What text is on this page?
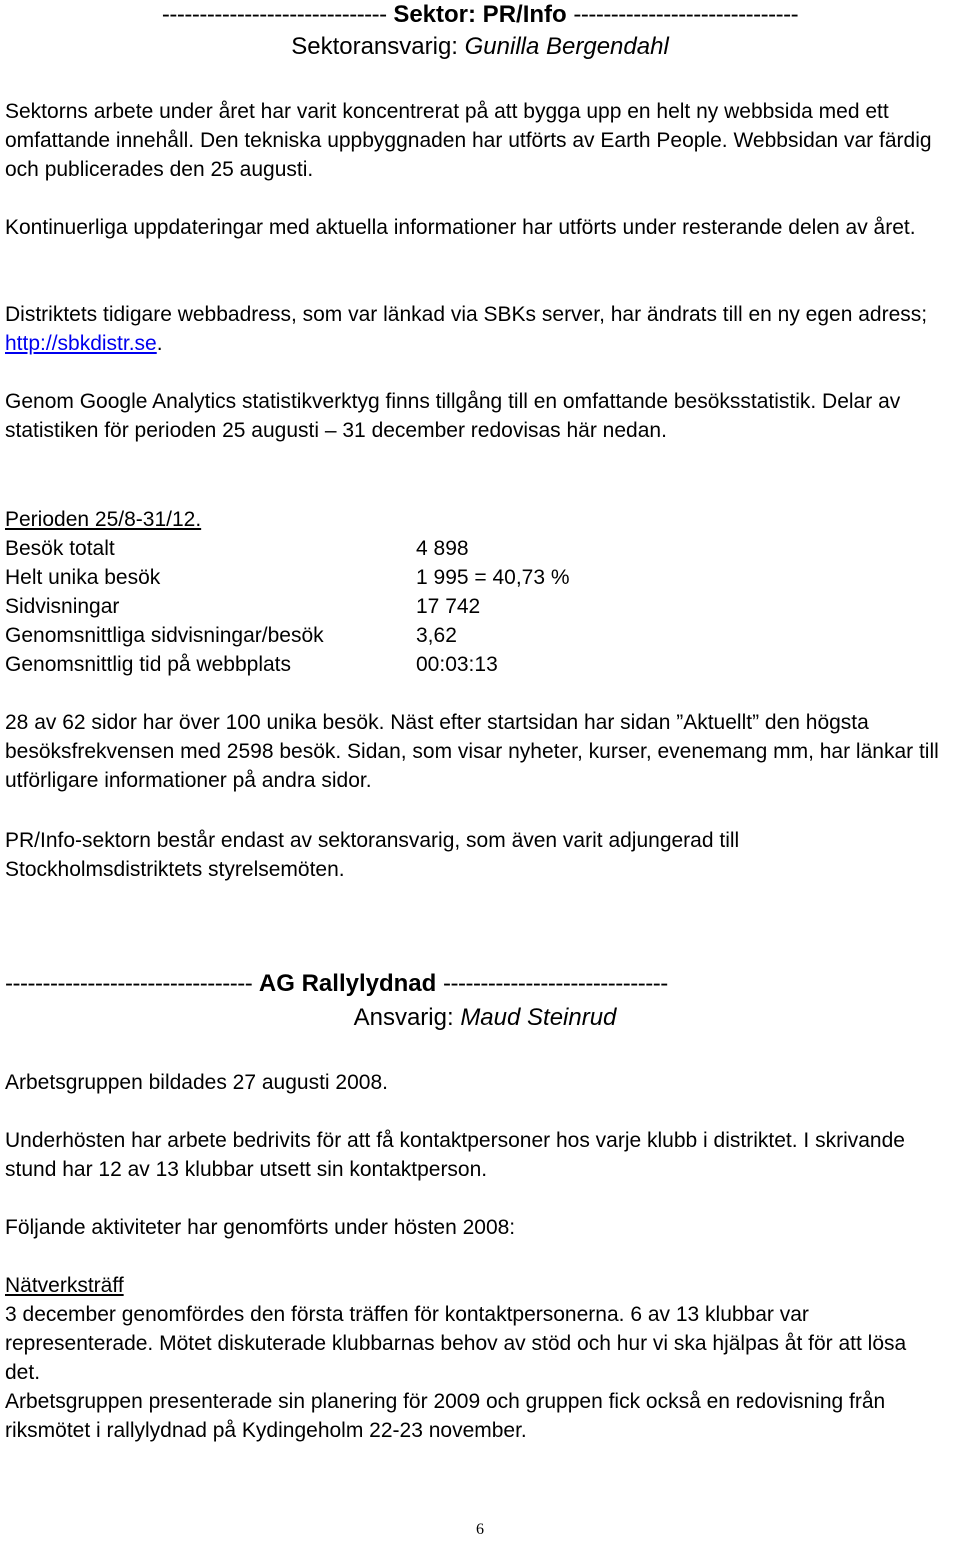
------------------------------ Sektor: PR/Info ------------------------------
Sektoransvarig: Gunilla Bergendahl

Sektorns arbete under året har varit koncentrerat på att bygga upp en helt ny webbsida med ett omfattande innehåll. Den tekniska uppbyggnaden har utförts av Earth People. Webbsidan var färdig och publicerades den 25 augusti.

Kontinuerliga uppdateringar med aktuella informationer har utförts under resterande delen av året.

Distriktets tidigare webbadress, som var länkad via SBKs server, har ändrats till en ny egen adress; http://sbkdistr.se.

Genom Google Analytics statistikverktyg finns tillgång till en omfattande besöksstatistik. Delar av statistiken för perioden 25 augusti – 31 december redovisas här nedan.

Perioden 25/8-31/12.

Besök totalt	4 898
Helt unika besök	1 995 = 40,73 %
Sidvisningar	17 742
Genomsnittliga sidvisningar/besök	3,62
Genomsnittlig tid på webbplats	00:03:13

28 av 62 sidor har över 100 unika besök. Näst efter startsidan har sidan ”Aktuellt” den högsta besöksfrekvensen med 2598 besök. Sidan, som visar nyheter, kurser, evenemang mm, har länkar till utförligare informationer på andra sidor.

PR/Info-sektorn består endast av sektoransvarig, som även varit adjungerad till Stockholmsdistriktets styrelsemöten.

--------------------------------- AG Rallylydnad ------------------------------
Ansvarig: Maud Steinrud

Arbetsgruppen bildades 27 augusti 2008.

Underhösten har arbete bedrivits för att få kontaktpersoner hos varje klubb i distriktet. I skrivande stund har 12 av 13 klubbar utsett sin kontaktperson.

Följande aktiviteter har genomförts under hösten 2008:

Nätverksträff

3 december genomfördes den första träffen för kontaktpersonerna. 6 av 13 klubbar var representerade. Mötet diskuterade klubbarnas behov av stöd och hur vi ska hjälpas åt för att lösa det.

Arbetsgruppen presenterade sin planering för 2009 och gruppen fick också en redovisning från riksmötet i rallylydnad på Kydingeholm 22-23 november.

6
